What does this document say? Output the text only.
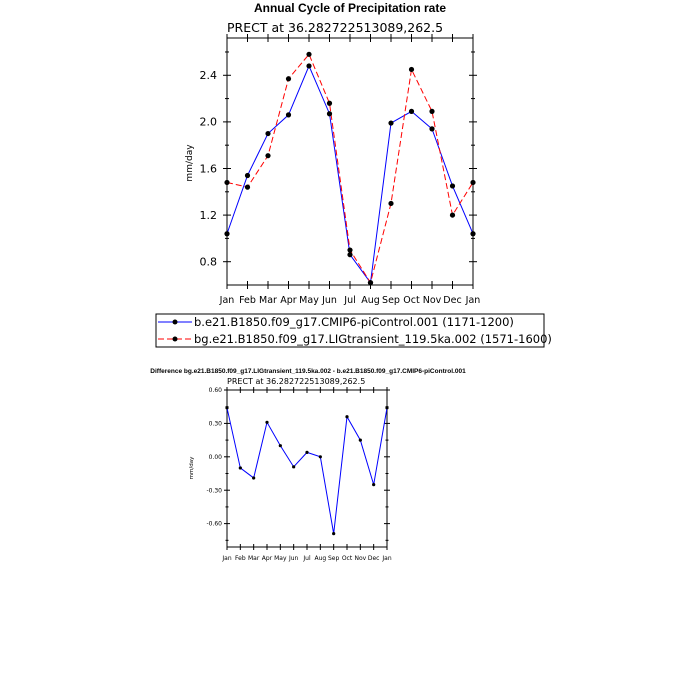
Annual Cycle of Precipitation rate
PRECT at 36.282722513089,262.5
mm/day
0.8
1.2
1.6
2.0
2.4
Jan Feb Mar Apr May Jun Jul Aug Sep Oct Nov Dec Jan
b.e21.B1850.f09_g17.CMIP6-piControl.001 (1171-1200)
bg.e21.B1850.f09_g17.LIGtransient_119.5ka.002 (1571-1600)
Difference bg.e21.B1850.f09_g17.LIGtransient_119.5ka.002 - b.e21.B1850.f09_g17.CMIP6-piControl.001
PRECT at 36.282722513089,262.5
mm/day
-0.60
-0.30
0.00
0.30
0.60
Jan Feb Mar Apr May Jun Jul Aug Sep Oct Nov Dec Jan
